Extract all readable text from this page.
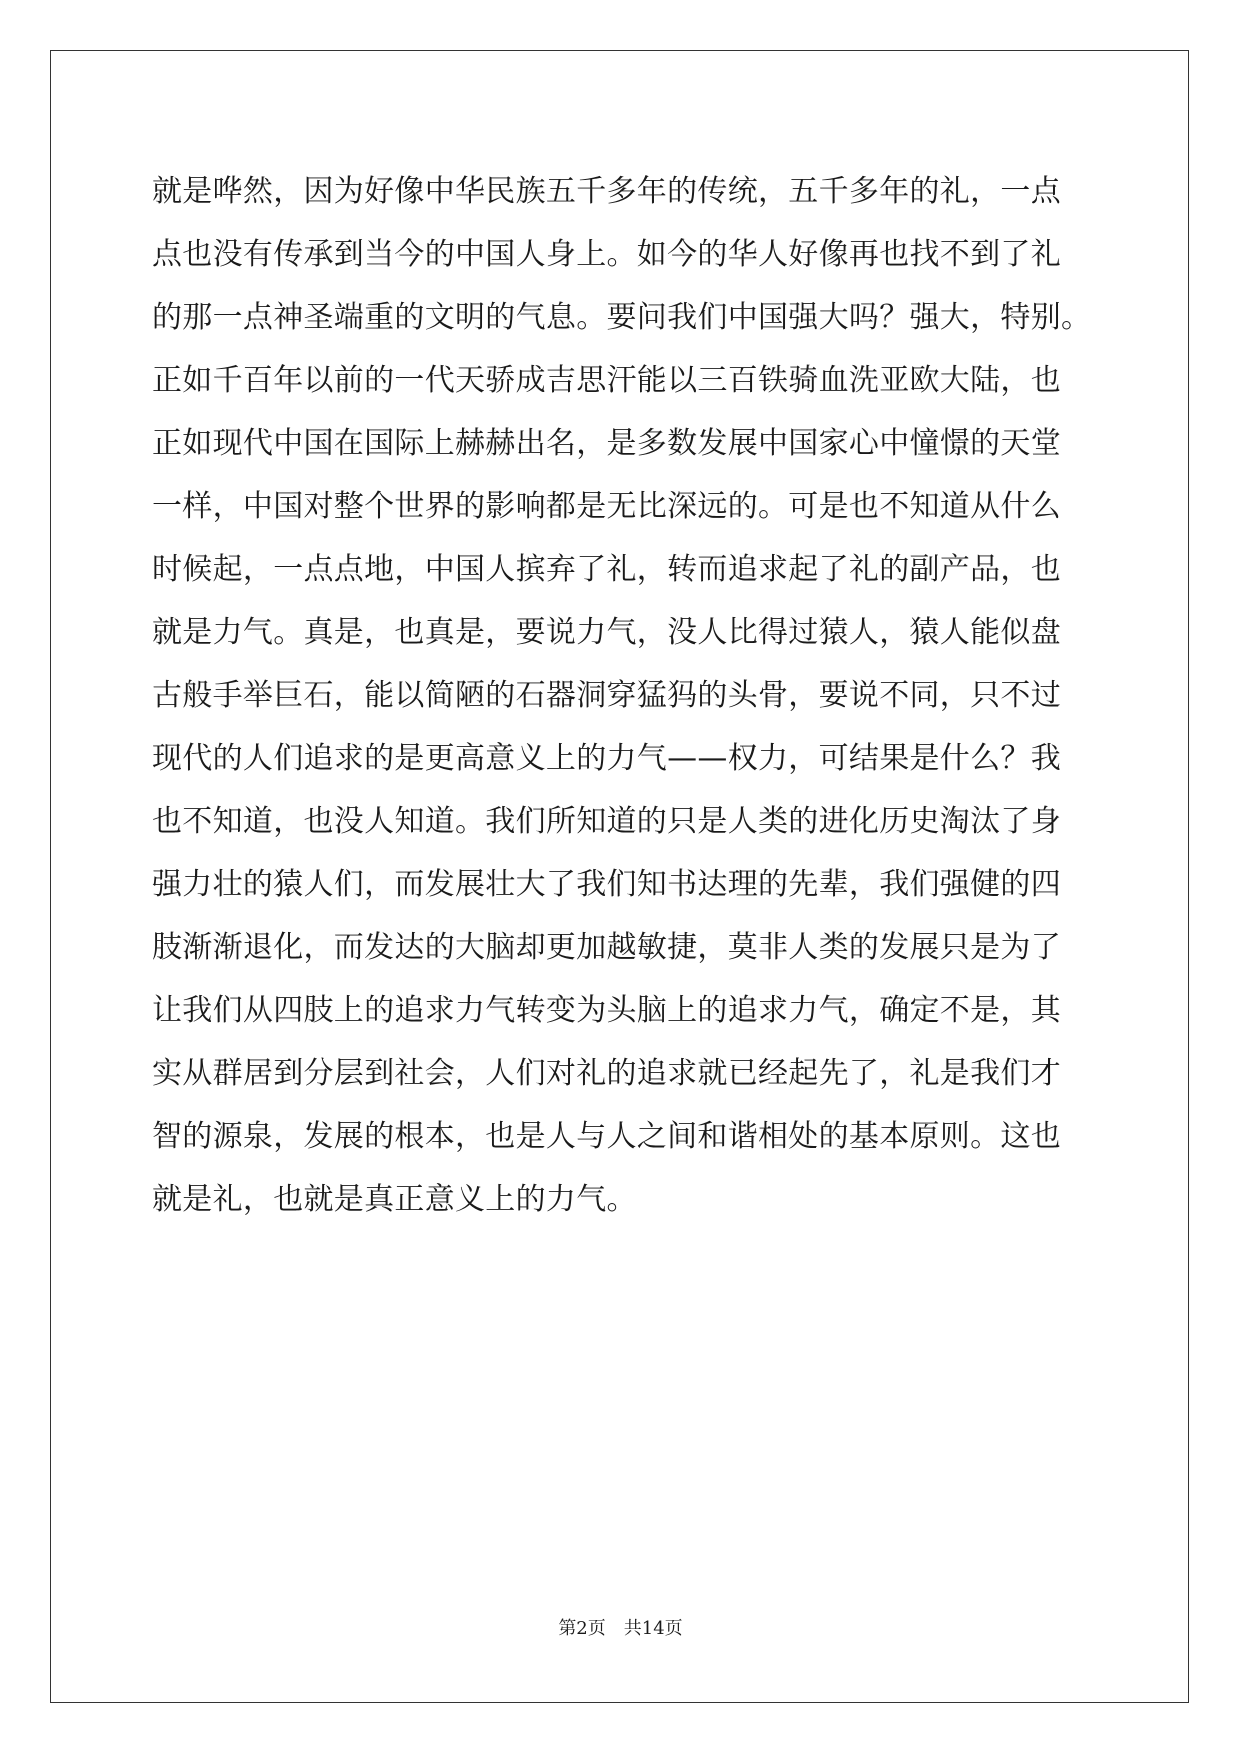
就是哗然，因为好像中华民族五千多年的传统，五千多年的礼，一点
点也没有传承到当今的中国人身上。如今的华人好像再也找不到了礼
的那一点神圣端重的文明的气息。要问我们中国强大吗？强大，特别。
正如千百年以前的一代天骄成吉思汗能以三百铁骑血洗亚欧大陆，也
正如现代中国在国际上赫赫出名，是多数发展中国家心中憧憬的天堂
一样，中国对整个世界的影响都是无比深远的。可是也不知道从什么
时候起，一点点地，中国人摈弃了礼，转而追求起了礼的副产品，也
就是力气。真是，也真是，要说力气，没人比得过猿人，猿人能似盘
古般手举巨石，能以简陋的石器洞穿猛犸的头骨，要说不同，只不过
现代的人们追求的是更高意义上的力气——权力，可结果是什么？我
也不知道，也没人知道。我们所知道的只是人类的进化历史淘汰了身
强力壮的猿人们，而发展壮大了我们知书达理的先辈，我们强健的四
肢渐渐退化，而发达的大脑却更加越敏捷，莫非人类的发展只是为了
让我们从四肢上的追求力气转变为头脑上的追求力气，确定不是，其
实从群居到分层到社会，人们对礼的追求就已经起先了，礼是我们才
智的源泉，发展的根本，也是人与人之间和谐相处的基本原则。这也
就是礼，也就是真正意义上的力气。
第2页　共14页
